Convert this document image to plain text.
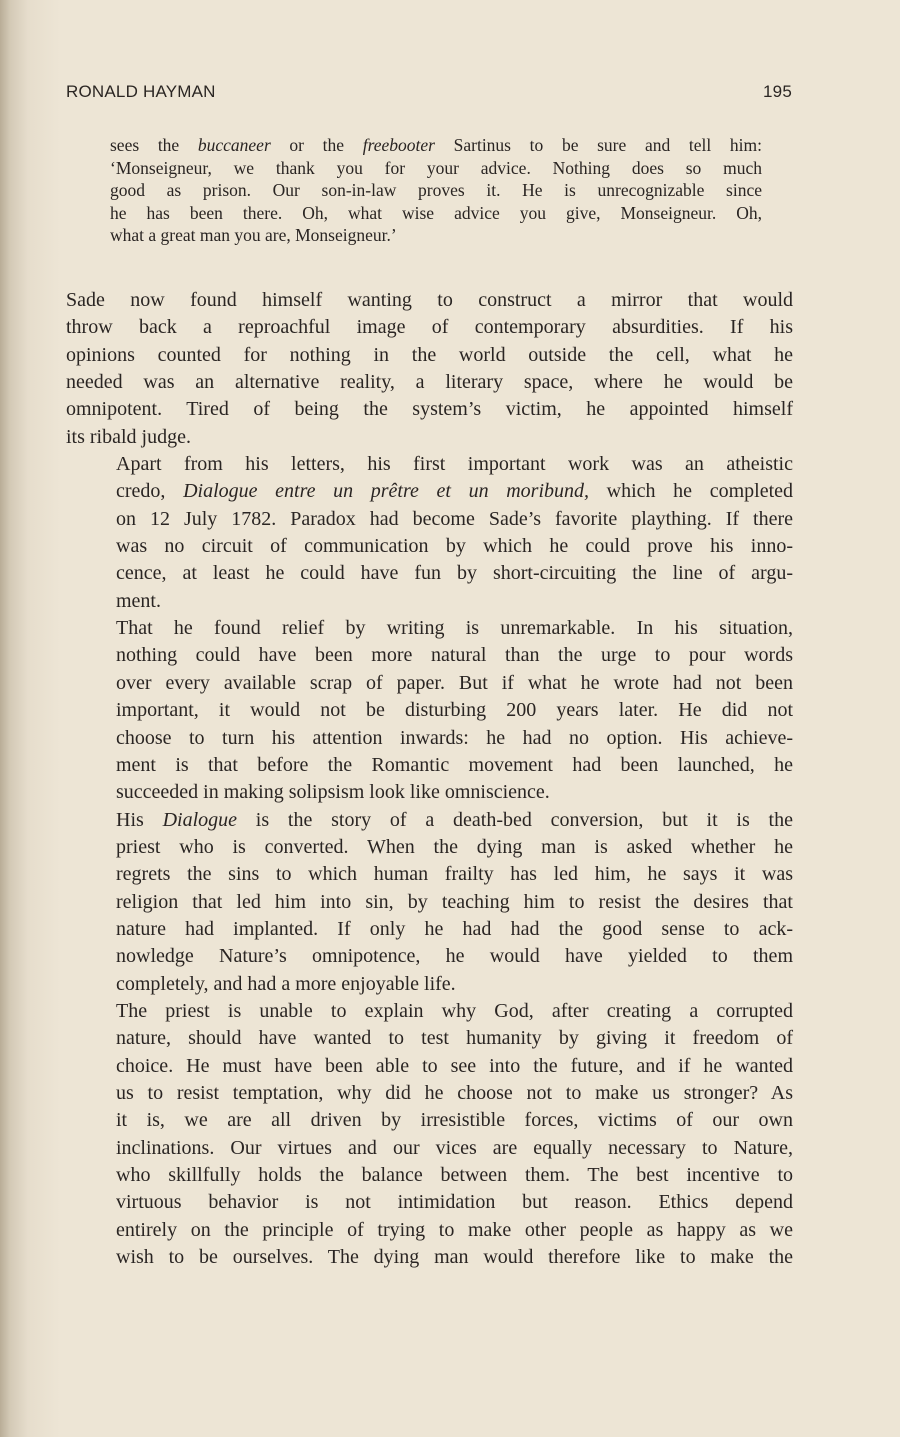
RONALD HAYMAN	195
sees the buccaneer or the freebooter Sartinus to be sure and tell him:
‘Monseigneur, we thank you for your advice. Nothing does so much
good as prison. Our son-in-law proves it. He is unrecognizable since
he has been there. Oh, what wise advice you give, Monseigneur. Oh,
what a great man you are, Monseigneur.’

Sade now found himself wanting to construct a mirror that would
throw back a reproachful image of contemporary absurdities. If his
opinions counted for nothing in the world outside the cell, what he
needed was an alternative reality, a literary space, where he would be
omnipotent. Tired of being the system’s victim, he appointed himself
its ribald judge.

Apart from his letters, his first important work was an atheistic
credo, Dialogue entre un prêtre et un moribund, which he completed
on 12 July 1782. Paradox had become Sade’s favorite plaything. If there
was no circuit of communication by which he could prove his inno-
cence, at least he could have fun by short-circuiting the line of argu-
ment.

That he found relief by writing is unremarkable. In his situation,
nothing could have been more natural than the urge to pour words
over every available scrap of paper. But if what he wrote had not been
important, it would not be disturbing 200 years later. He did not
choose to turn his attention inwards: he had no option. His achieve-
ment is that before the Romantic movement had been launched, he
succeeded in making solipsism look like omniscience.

His Dialogue is the story of a death-bed conversion, but it is the
priest who is converted. When the dying man is asked whether he
regrets the sins to which human frailty has led him, he says it was
religion that led him into sin, by teaching him to resist the desires that
nature had implanted. If only he had had the good sense to ack-
nowledge Nature’s omnipotence, he would have yielded to them
completely, and had a more enjoyable life.

The priest is unable to explain why God, after creating a corrupted
nature, should have wanted to test humanity by giving it freedom of
choice. He must have been able to see into the future, and if he wanted
us to resist temptation, why did he choose not to make us stronger? As
it is, we are all driven by irresistible forces, victims of our own
inclinations. Our virtues and our vices are equally necessary to Nature,
who skillfully holds the balance between them. The best incentive to
virtuous behavior is not intimidation but reason. Ethics depend
entirely on the principle of trying to make other people as happy as we
wish to be ourselves. The dying man would therefore like to make the
